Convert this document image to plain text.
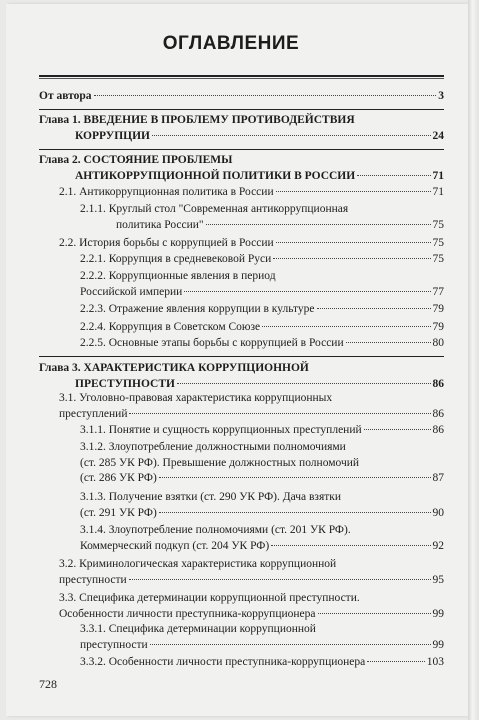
ОГЛАВЛЕНИЕ
От автора	3
Глава 1. ВВЕДЕНИЕ В ПРОБЛЕМУ ПРОТИВОДЕЙСТВИЯ
КОРРУПЦИИ	24
Глава 2. СОСТОЯНИЕ ПРОБЛЕМЫ
АНТИКОРРУПЦИОННОЙ ПОЛИТИКИ В РОССИИ	71
2.1. Антикоррупционная политика в России	71
2.1.1. Круглый стол "Современная антикоррупционная
политика России"	75
2.2. История борьбы с коррупцией в России	75
2.2.1. Коррупция в средневековой Руси	75
2.2.2. Коррупционные явления в период
Российской империи	77
2.2.3. Отражение явления коррупции в культуре	79
2.2.4. Коррупция в Советском Союзе	79
2.2.5. Основные этапы борьбы с коррупцией в России	80
Глава 3. ХАРАКТЕРИСТИКА КОРРУПЦИОННОЙ
ПРЕСТУПНОСТИ	86
3.1. Уголовно-правовая характеристика коррупционных
преступлений	86
3.1.1. Понятие и сущность коррупционных преступлений	86
3.1.2. Злоупотребление должностными полномочиями
(ст. 285 УК РФ). Превышение должностных полномочий
(ст. 286 УК РФ)	87
3.1.3. Получение взятки (ст. 290 УК РФ). Дача взятки
(ст. 291 УК РФ)	90
3.1.4. Злоупотребление полномочиями (ст. 201 УК РФ).
Коммерческий подкуп (ст. 204 УК РФ)	92
3.2. Криминологическая характеристика коррупционной
преступности	95
3.3. Специфика детерминации коррупционной преступности.
Особенности личности преступника-коррупционера	99
3.3.1. Специфика детерминации коррупционной
преступности	99
3.3.2. Особенности личности преступника-коррупционера	103
728
